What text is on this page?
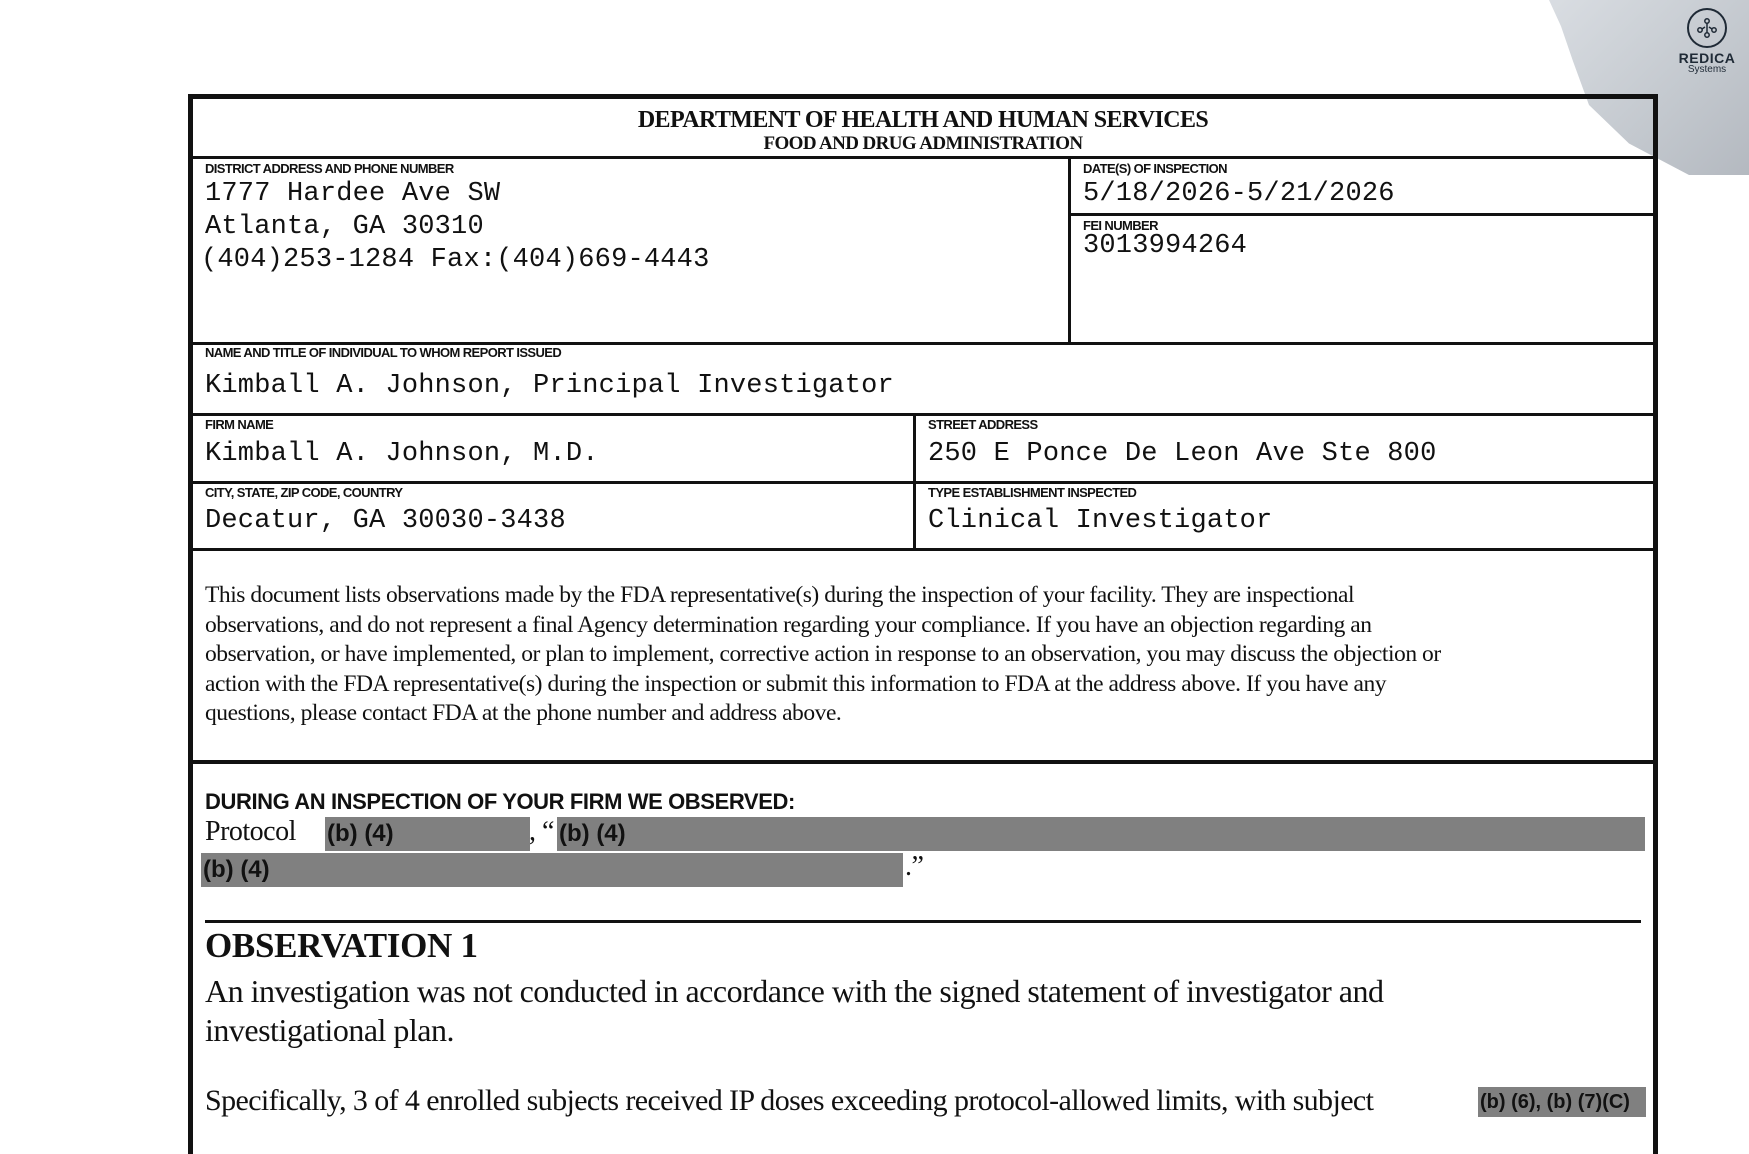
REDICA
Systems
DEPARTMENT OF HEALTH AND HUMAN SERVICES
FOOD AND DRUG ADMINISTRATION
DISTRICT ADDRESS AND PHONE NUMBER
1777 Hardee Ave SW
Atlanta, GA 30310
(404)253-1284 Fax:(404)669-4443
DATE(S) OF INSPECTION
5/18/2026-5/21/2026
FEI NUMBER
3013994264
NAME AND TITLE OF INDIVIDUAL TO WHOM REPORT ISSUED
Kimball A. Johnson, Principal Investigator
FIRM NAME
Kimball A. Johnson, M.D.
STREET ADDRESS
250 E Ponce De Leon Ave Ste 800
CITY, STATE, ZIP CODE, COUNTRY
Decatur, GA 30030-3438
TYPE ESTABLISHMENT INSPECTED
Clinical Investigator
This document lists observations made by the FDA representative(s) during the inspection of your facility. They are inspectional
observations, and do not represent a final Agency determination regarding your compliance. If you have an objection regarding an
observation, or have implemented, or plan to implement, corrective action in response to an observation, you may discuss the objection or
action with the FDA representative(s) during the inspection or submit this information to FDA at the address above. If you have any
questions, please contact FDA at the phone number and address above.
DURING AN INSPECTION OF YOUR FIRM WE OBSERVED:
Protocol (b) (4)	, “ (b) (4)
(b) (4)	.”
OBSERVATION 1
An investigation was not conducted in accordance with the signed statement of investigator and
investigational plan.
Specifically, 3 of 4 enrolled subjects received IP doses exceeding protocol-allowed limits, with subject	(b) (6), (b) (7)(C)
